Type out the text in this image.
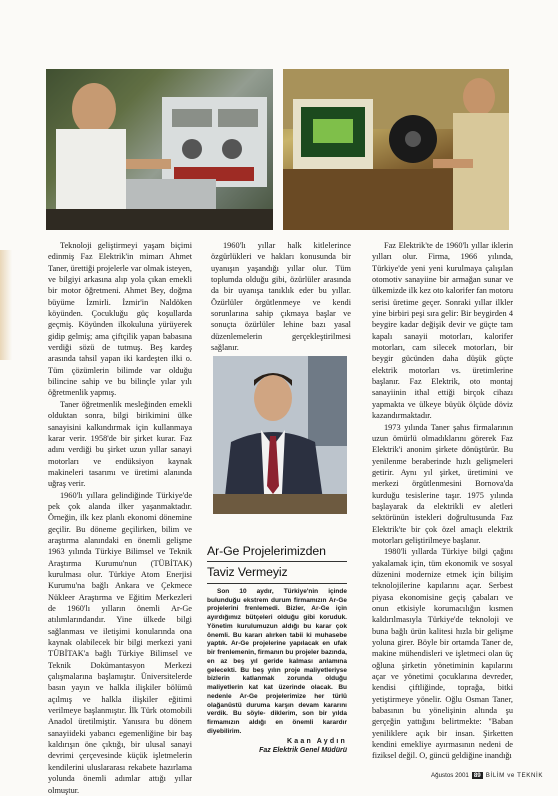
Teknoloji geliştirmeyi yaşam biçimi edinmiş Faz Elektrik'in mimarı Ahmet Taner, ürettiği projelerle var olmak isteyen, ve bilgiyi arkasına alıp yola çıkan emekli bir motor öğretmeni. Ahmet Bey, doğma büyüme İzmirli. İzmir'in Naldöken köyünden. Çocukluğu güç koşullarda geçmiş. Köyünden ilkokuluna yürüyerek gidip gelmiş; ama çiftçilik yapan babasına verdiği sözü de tutmuş. Beş kardeş arasında tahsil yapan iki kardeşten ilki o. Tüm çözümlerin bilimde var olduğu bilincine sahip ve bu bilinçle yılar yılı öğretmenlik yapmış.

Taner öğretmenlik mesleğinden emekli olduktan sonra, bilgi birikimini ülke sanayisini kalkındırmak için kullanmaya karar verir. 1958'de bir şirket kurar. Faz adını verdiği bu şirket uzun yıllar sanayi motorları ve endüksiyon kaynak makineleri tasarımı ve üretimi alanında uğraş verir.

1960'lı yıllara gelindiğinde Türkiye'de pek çok alanda ilker yaşanmaktadır. Örneğin, ilk kez planlı ekonomi dönemine geçilir. Bu döneme geçilirken, bilim ve araştırma alanındaki en önemli gelişme 1963 yılında Türkiye Bilimsel ve Teknik Araştırma Kurumu'nun (TÜBİTAK) kurulması olur. Türkiye Atom Enerjisi Kurumu'na bağlı Ankara ve Çekmece Nükleer Araştırma ve Eğitim Merkezleri de 1960'lı yılların önemli Ar-Ge atılımlarındandır. Yine ülkede bilgi sağlanması ve iletişimi konularında ona kaynak olabilecek bir bilgi merkezi yani TÜBİTAK'a bağlı Türkiye Bilimsel ve Teknik Dokümantasyon Merkezi çalışmalarına başlamıştır. Üniversitelerde basın yayın ve halkla ilişkiler bölümü açılmış ve halkla ilişkiler eğitimi verilmeye başlanmıştır. İlk Türk otomobili Anadol üretilmiştir. Yanısıra bu dönem sanayiideki yabancı egemenliğine bir baş kaldırışın öne çıktığı, bir ulusal sanayi devrimi çerçevesinde küçük işletmelerin kendilerini uluslararası rekabete hazırlama yolunda önemli adımlar attığı yıllar olmuştur.

1960'lı yıllar halk kitlelerince özgürlükleri ve hakları konusunda bir uyanışın yaşandığı yıllar olur. Tüm toplumda olduğu gibi, özürlüler arasında da bir uyanışa tanıklık eder bu yıllar. Özürlüler örgütlenmeye ve kendi sorunlarına sahip çıkmaya başlar ve sonuçta özürlüler lehine bazı yasal düzenlemelerin gerçekleştirilmesi sağlanır.

Ar-Ge Projelerimizden
Taviz Vermeyiz

Son 10 aydır, Türkiye'nin içinde bulunduğu ekstrem durum firmamızın Ar-Ge projelerini frenlemedi. Bizler, Ar-Ge için ayırdığımız bütçeleri olduğu gibi koruduk. Yönetim kurulumuzun aldığı bu karar çok önemli. Bu kararı alırken tabii ki muhasebe yaptık. Ar-Ge projelerine yapılacak en ufak bir frenlemenin, firmanın bu projeler bazında, en az beş yıl geride kalması anlamına gelecekti. Bu beş yılın proje maliyetleriyse bizlerin katlanmak zorunda olduğu maliyetlerin kat kat üzerinde olacak. Bu nedenle Ar-Ge projelerimize her türlü olağanüstü duruma karşın devam kararını verdik. Bu söyle- diklerim, son bir yılda firmamızın aldığı en önemli karardır diyebilirim.

Kaan Aydın
Faz Elektrik Genel Müdürü

Faz Elektrik'te de 1960'lı yıllar iklerin yılları olur. Firma, 1966 yılında, Türkiye'de yeni yeni kurulmaya çalışılan otomotiv sanayiine bir armağan sunar ve ülkemizde ilk kez oto kalorifer fan motoru serisi üretime geçer. Sonraki yıllar ilkler yine birbiri peşi sıra gelir: Bir beygirden 4 beygire kadar değişik devir ve güçte tam kapalı sanayii motorları, kalorifer motorları, cam silecek motorları, bir beygir gücünden daha düşük güçte elektrik motorları vs. üretimlerine başlanır. Faz Elektrik, oto montaj sanayiinin ithal ettiği birçok cihazı yapmakta ve ülkeye büyük ölçüde döviz kazandırmaktadır.

1973 yılında Taner şahıs firmalarının uzun ömürlü olmadıklarını görerek Faz Elektrik'i anonim şirkete dönüştürür. Bu yenilenme beraberinde hızlı gelişmeleri getirir. Aynı yıl şirket, üretimini ve merkezi örgütlenmesini Bornova'da kurduğu tesislerine taşır. 1975 yılında başlayarak da elektrikli ev aletleri sektörünün istekleri doğrultusunda Faz Elektrik'te bir çok özel amaçlı elektrik motorları geliştirilmeye başlanır.

1980'li yıllarda Türkiye bilgi çağını yakalamak için, tüm ekonomik ve sosyal düzenini modernize etmek için bilişim teknolojilerine kapılarını açar. Serbest piyasa ekonomisine geçiş çabaları ve onun etkisiyle korumacılığın kısmen kaldırılmasıyla Türkiye'de teknoloji ve buna bağlı ürün kalitesi hızla bir gelişme yoluna girer. Böyle bir ortamda Taner de, makine mühendisleri ve işletmeci olan üç oğluna şirketin yönetiminin kapılarını açar ve yönetimi çocuklarına devreder, kendisi çiftliğinde, toprağa, bitki yetiştirmeye yönelir. Oğlu Osman Taner, babasının bu yönelişinin altında şu gerçeğin yattığını belirtmekte: "Baban yeniliklere açık bir insan. Şirketten kendini emekliye ayırmasının nedeni de fiziksel değil. O, güncü geldiğine inandığı

Ağustos 2001 89 BİLİM ve TEKNİK
